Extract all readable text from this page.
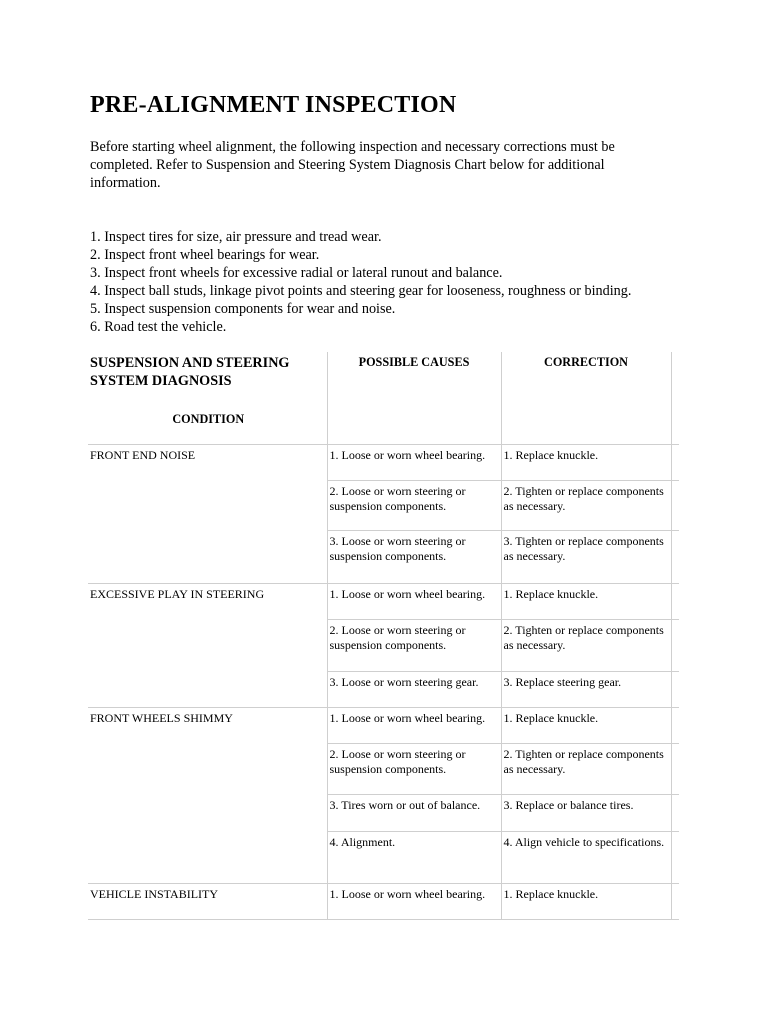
PRE-ALIGNMENT INSPECTION

Before starting wheel alignment, the following inspection and necessary corrections must be completed. Refer to Suspension and Steering System Diagnosis Chart below for additional information.

1. Inspect tires for size, air pressure and tread wear.
2. Inspect front wheel bearings for wear.
3. Inspect front wheels for excessive radial or lateral runout and balance.
4. Inspect ball studs, linkage pivot points and steering gear for looseness, roughness or binding.
5. Inspect suspension components for wear and noise.
6. Road test the vehicle.
SUSPENSION AND STEERING SYSTEM DIAGNOSIS
CONDITION	POSSIBLE CAUSES	CORRECTION	
FRONT END NOISE	1. Loose or worn wheel bearing.	1. Replace knuckle.	
	2. Loose or worn steering or suspension components.	2. Tighten or replace components as necessary.	
	3. Loose or worn steering or suspension components.	3. Tighten or replace components as necessary.	
EXCESSIVE PLAY IN STEERING	1. Loose or worn wheel bearing.	1. Replace knuckle.	
	2. Loose or worn steering or suspension components.	2. Tighten or replace components as necessary.	
	3. Loose or worn steering gear.	3. Replace steering gear.	
FRONT WHEELS SHIMMY	1. Loose or worn wheel bearing.	1. Replace knuckle.	
	2. Loose or worn steering or suspension components.	2. Tighten or replace components as necessary.	
	3. Tires worn or out of balance.	3. Replace or balance tires.	
	4. Alignment.	4. Align vehicle to specifications.	
VEHICLE INSTABILITY	1. Loose or worn wheel bearing.	1. Replace knuckle.	
